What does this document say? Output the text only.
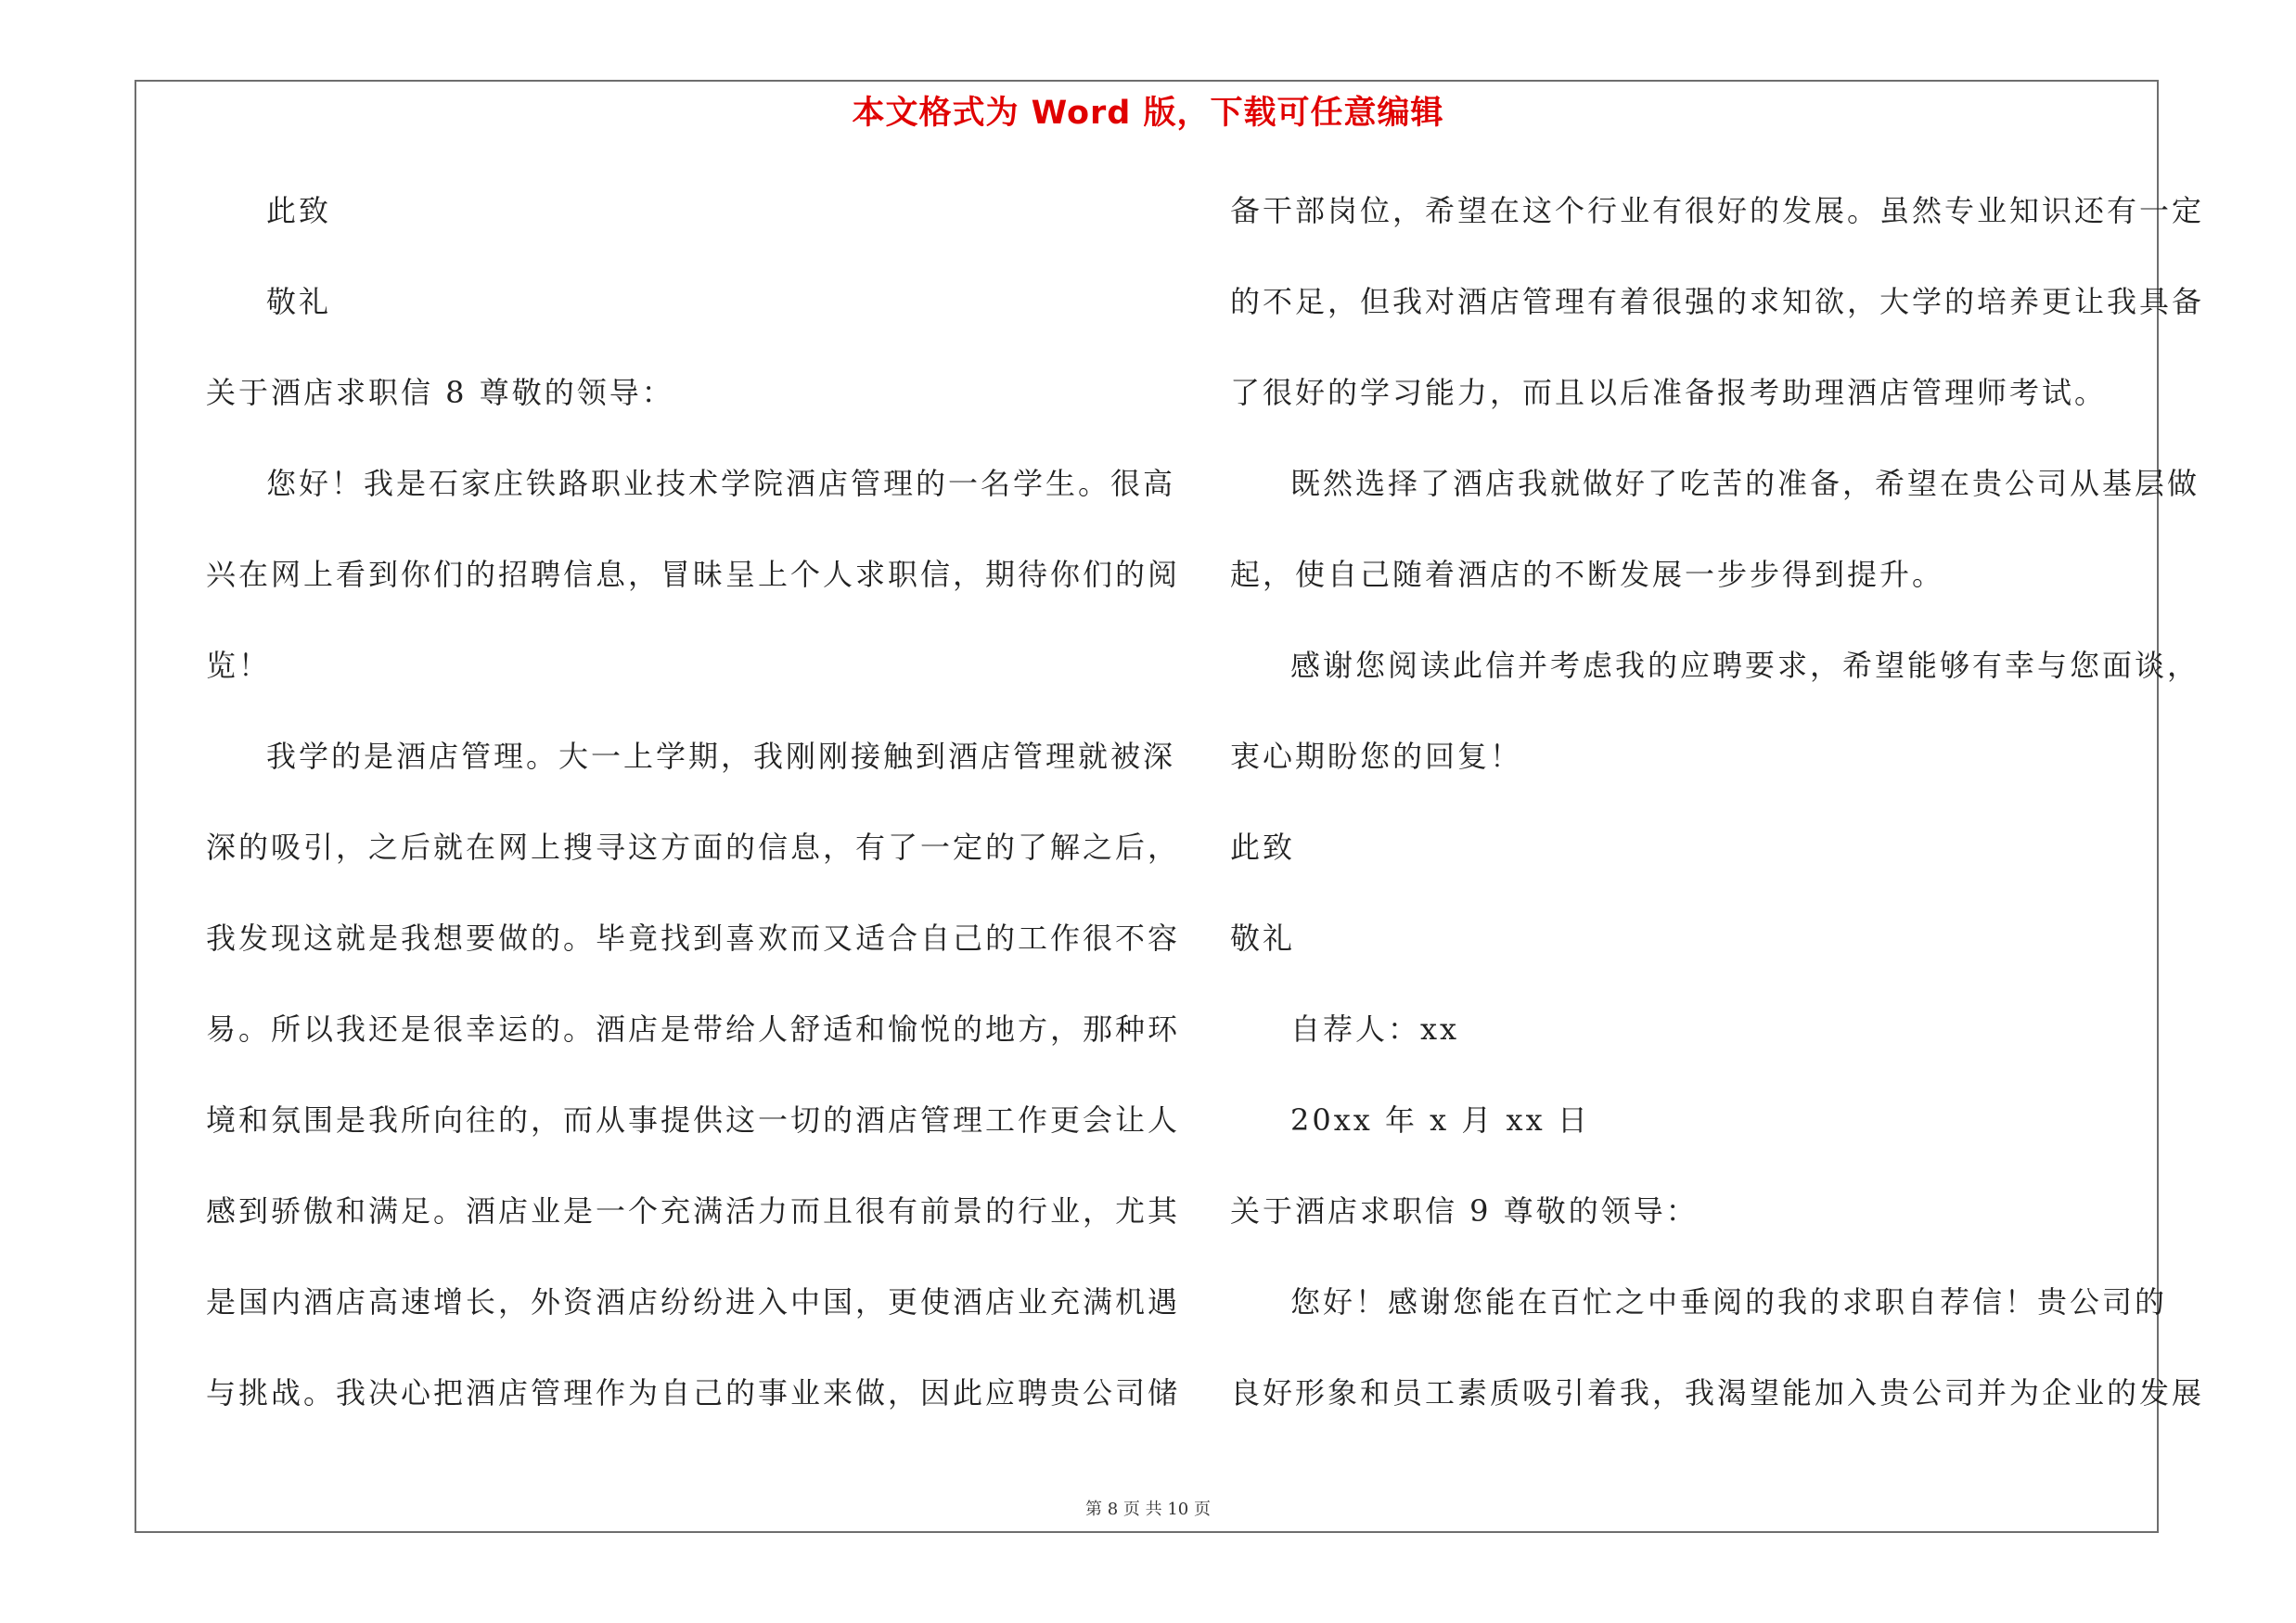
本文格式为 Word 版，下载可任意编辑
此致
敬礼
关于酒店求职信 8 尊敬的领导：
您好！我是石家庄铁路职业技术学院酒店管理的一名学生。很高
兴在网上看到你们的招聘信息，冒昧呈上个人求职信，期待你们的阅
览！
我学的是酒店管理。大一上学期，我刚刚接触到酒店管理就被深
深的吸引，之后就在网上搜寻这方面的信息，有了一定的了解之后，
我发现这就是我想要做的。毕竟找到喜欢而又适合自己的工作很不容
易。所以我还是很幸运的。酒店是带给人舒适和愉悦的地方，那种环
境和氛围是我所向往的，而从事提供这一切的酒店管理工作更会让人
感到骄傲和满足。酒店业是一个充满活力而且很有前景的行业，尤其
是国内酒店高速增长，外资酒店纷纷进入中国，更使酒店业充满机遇
与挑战。我决心把酒店管理作为自己的事业来做，因此应聘贵公司储
备干部岗位，希望在这个行业有很好的发展。虽然专业知识还有一定
的不足，但我对酒店管理有着很强的求知欲，大学的培养更让我具备
了很好的学习能力，而且以后准备报考助理酒店管理师考试。
既然选择了酒店我就做好了吃苦的准备，希望在贵公司从基层做
起，使自己随着酒店的不断发展一步步得到提升。
感谢您阅读此信并考虑我的应聘要求，希望能够有幸与您面谈，
衷心期盼您的回复！
此致
敬礼
自荐人：xx
20xx 年 x 月 xx 日
关于酒店求职信 9 尊敬的领导：
您好！感谢您能在百忙之中垂阅的我的求职自荐信！贵公司的
良好形象和员工素质吸引着我，我渴望能加入贵公司并为企业的发展
第 8 页 共 10 页
